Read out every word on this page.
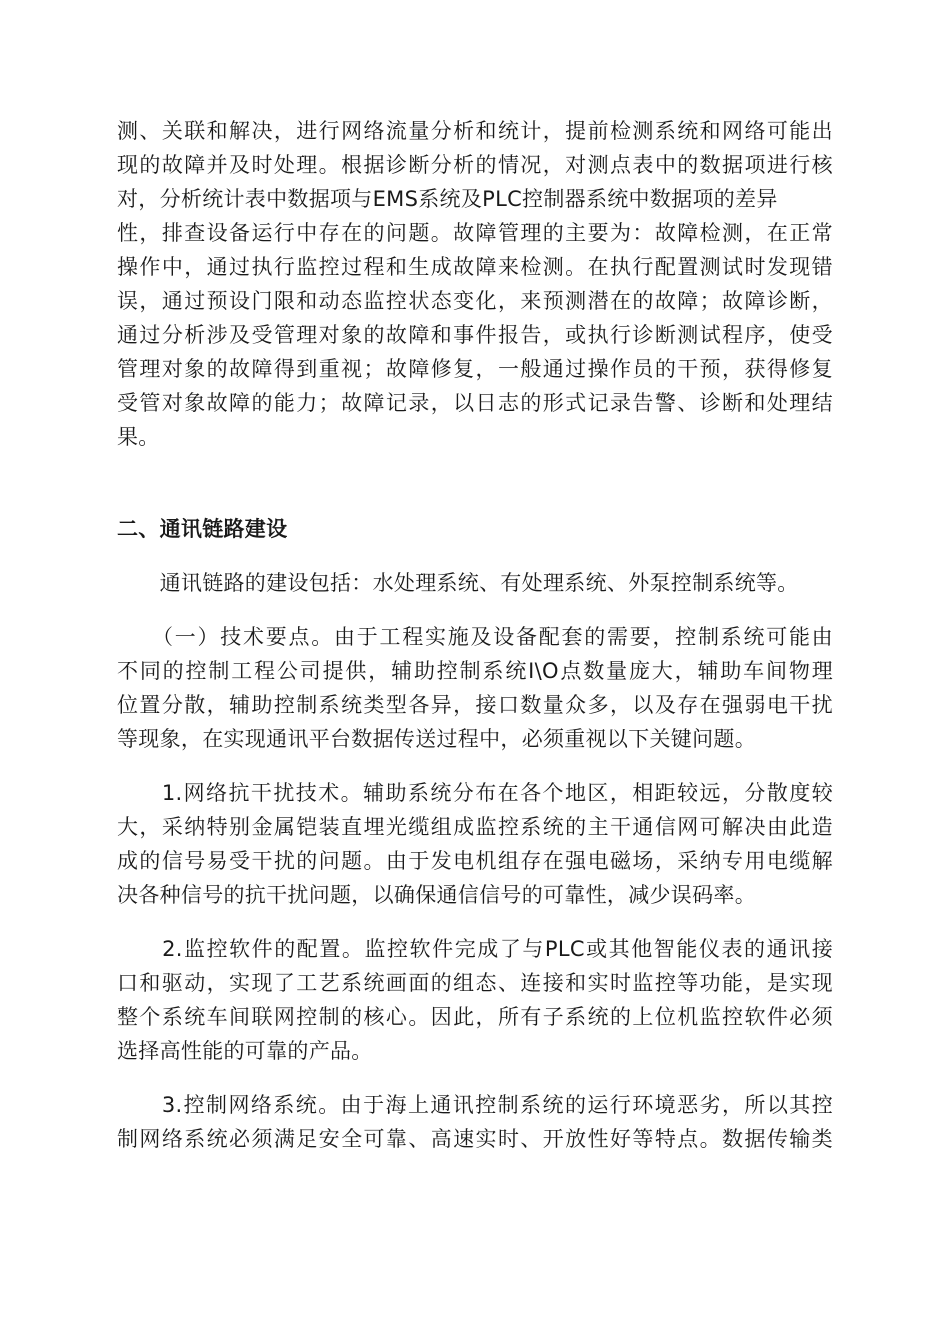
测、关联和解决，进行网络流量分析和统计，提前检测系统和网络可能出
现的故障并及时处理。根据诊断分析的情况，对测点表中的数据项进行核
对，分析统计表中数据项与EMS系统及PLC控制器系统中数据项的差异
性，排查设备运行中存在的问题。故障管理的主要为：故障检测，在正常
操作中，通过执行监控过程和生成故障来检测。在执行配置测试时发现错
误，通过预设门限和动态监控状态变化，来预测潜在的故障；故障诊断，
通过分析涉及受管理对象的故障和事件报告，或执行诊断测试程序，使受
管理对象的故障得到重视；故障修复，一般通过操作员的干预，获得修复
受管对象故障的能力；故障记录，以日志的形式记录告警、诊断和处理结
果。
二、通讯链路建设
　　通讯链路的建设包括：水处理系统、有处理系统、外泵控制系统等。
　　（一）技术要点。由于工程实施及设备配套的需要，控制系统可能由
不同的控制工程公司提供，辅助控制系统I\O点数量庞大，辅助车间物理
位置分散，辅助控制系统类型各异，接口数量众多，以及存在强弱电干扰
等现象，在实现通讯平台数据传送过程中，必须重视以下关键问题。
　　1.网络抗干扰技术。辅助系统分布在各个地区，相距较远，分散度较
大，采纳特别金属铠装直埋光缆组成监控系统的主干通信网可解决由此造
成的信号易受干扰的问题。由于发电机组存在强电磁场，采纳专用电缆解
决各种信号的抗干扰问题，以确保通信信号的可靠性，减少误码率。
　　2.监控软件的配置。监控软件完成了与PLC或其他智能仪表的通讯接
口和驱动，实现了工艺系统画面的组态、连接和实时监控等功能，是实现
整个系统车间联网控制的核心。因此，所有子系统的上位机监控软件必须
选择高性能的可靠的产品。
　　3.控制网络系统。由于海上通讯控制系统的运行环境恶劣，所以其控
制网络系统必须满足安全可靠、高速实时、开放性好等特点。数据传输类
